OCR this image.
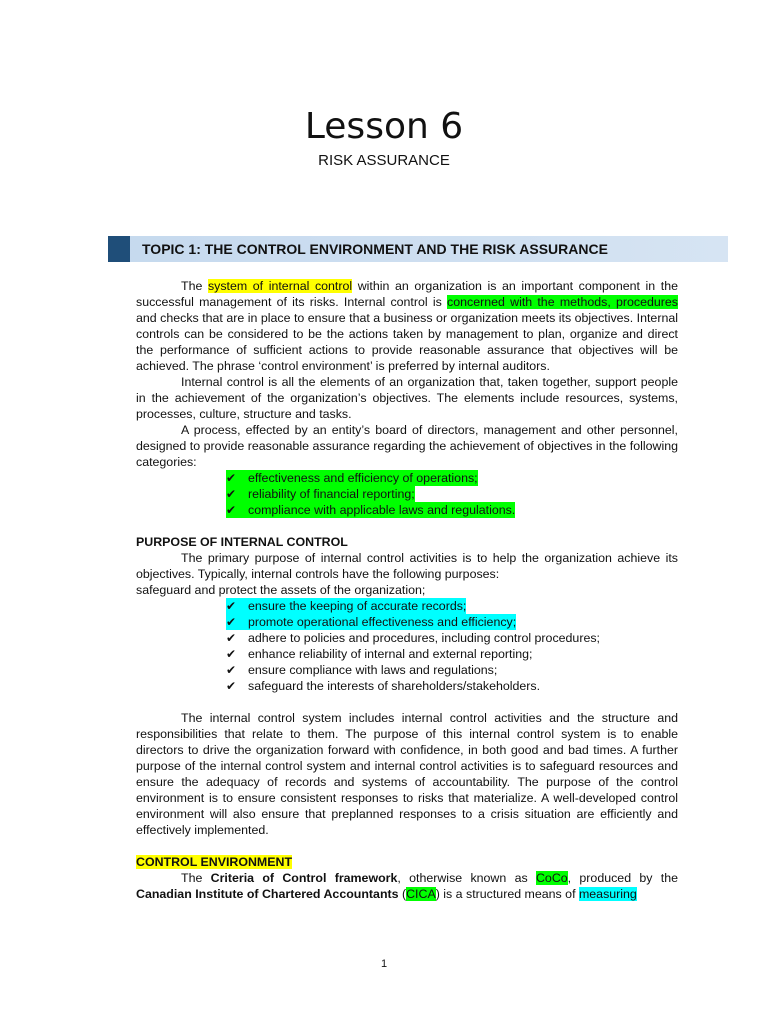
Lesson 6
RISK ASSURANCE
TOPIC 1: THE CONTROL ENVIRONMENT AND THE RISK ASSURANCE

The system of internal control within an organization is an important component in the successful management of its risks. Internal control is concerned with the methods, procedures and checks that are in place to ensure that a business or organization meets its objectives. Internal controls can be considered to be the actions taken by management to plan, organize and direct the performance of sufficient actions to provide reasonable assurance that objectives will be achieved. The phrase ‘control environment’ is preferred by internal auditors.

Internal control is all the elements of an organization that, taken together, support people in the achievement of the organization’s objectives. The elements include resources, systems, processes, culture, structure and tasks.

A process, effected by an entity’s board of directors, management and other personnel, designed to provide reasonable assurance regarding the achievement of objectives in the following categories:

✔ effectiveness and efficiency of operations;
✔ reliability of financial reporting;
✔ compliance with applicable laws and regulations.

PURPOSE OF INTERNAL CONTROL

The primary purpose of internal control activities is to help the organization achieve its objectives. Typically, internal controls have the following purposes:

safeguard and protect the assets of the organization;

✔ ensure the keeping of accurate records;
✔ promote operational effectiveness and efficiency;
✔ adhere to policies and procedures, including control procedures;
✔ enhance reliability of internal and external reporting;
✔ ensure compliance with laws and regulations;
✔ safeguard the interests of shareholders/stakeholders.

The internal control system includes internal control activities and the structure and responsibilities that relate to them. The purpose of this internal control system is to enable directors to drive the organization forward with confidence, in both good and bad times. A further purpose of the internal control system and internal control activities is to safeguard resources and ensure the adequacy of records and systems of accountability. The purpose of the control environment is to ensure consistent responses to risks that materialize. A well-developed control environment will also ensure that preplanned responses to a crisis situation are efficiently and effectively implemented.

CONTROL ENVIRONMENT

The Criteria of Control framework, otherwise known as CoCo, produced by the Canadian Institute of Chartered Accountants (CICA) is a structured means of measuring

1
